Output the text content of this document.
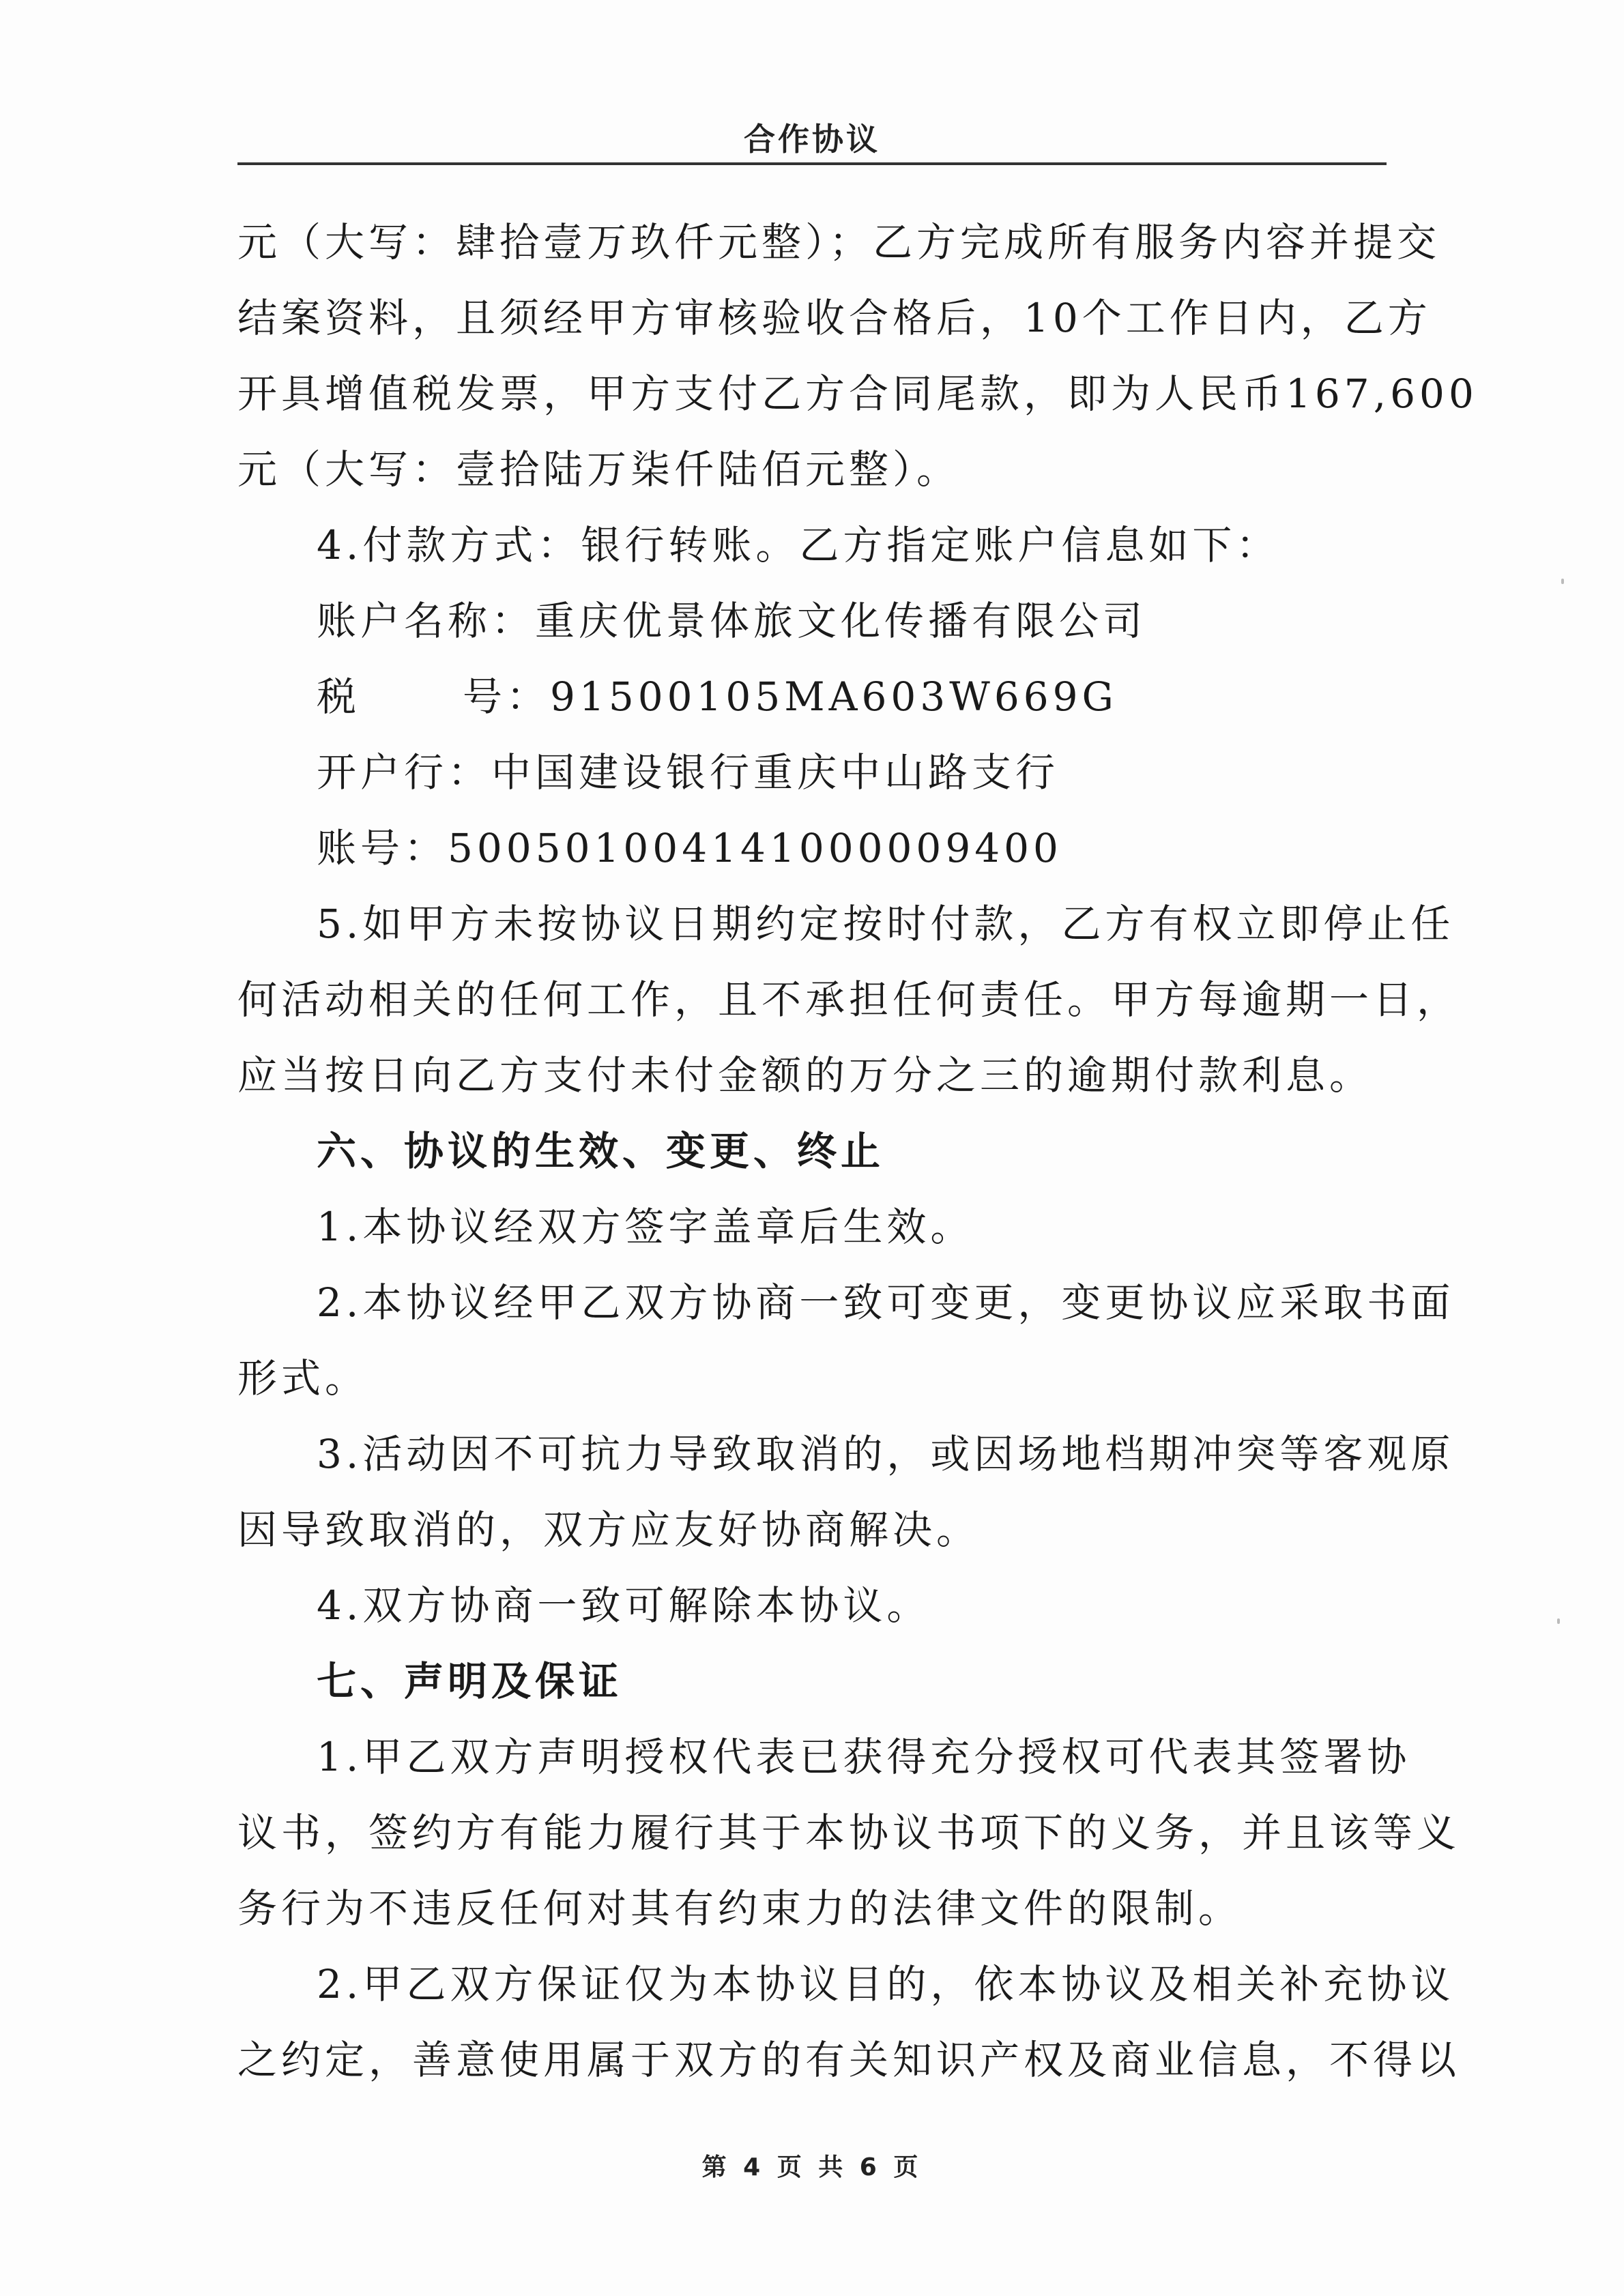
合作协议
元（大写：肆拾壹万玖仟元整）；乙方完成所有服务内容并提交
结案资料，且须经甲方审核验收合格后，10个工作日内，乙方
开具增值税发票，甲方支付乙方合同尾款，即为人民币167,600
元（大写：壹拾陆万柒仟陆佰元整）。
4.付款方式：银行转账。乙方指定账户信息如下：
账户名称：重庆优景体旅文化传播有限公司
税	号：91500105MA603W669G
开户行：中国建设银行重庆中山路支行
账号：500501004141000009400
5.如甲方未按协议日期约定按时付款，乙方有权立即停止任
何活动相关的任何工作，且不承担任何责任。甲方每逾期一日，
应当按日向乙方支付未付金额的万分之三的逾期付款利息。
六、协议的生效、变更、终止
1.本协议经双方签字盖章后生效。
2.本协议经甲乙双方协商一致可变更，变更协议应采取书面
形式。
3.活动因不可抗力导致取消的，或因场地档期冲突等客观原
因导致取消的，双方应友好协商解决。
4.双方协商一致可解除本协议。
七、声明及保证
1.甲乙双方声明授权代表已获得充分授权可代表其签署协
议书，签约方有能力履行其于本协议书项下的义务，并且该等义
务行为不违反任何对其有约束力的法律文件的限制。
2.甲乙双方保证仅为本协议目的，依本协议及相关补充协议
之约定，善意使用属于双方的有关知识产权及商业信息，不得以
第 4 页 共 6 页
